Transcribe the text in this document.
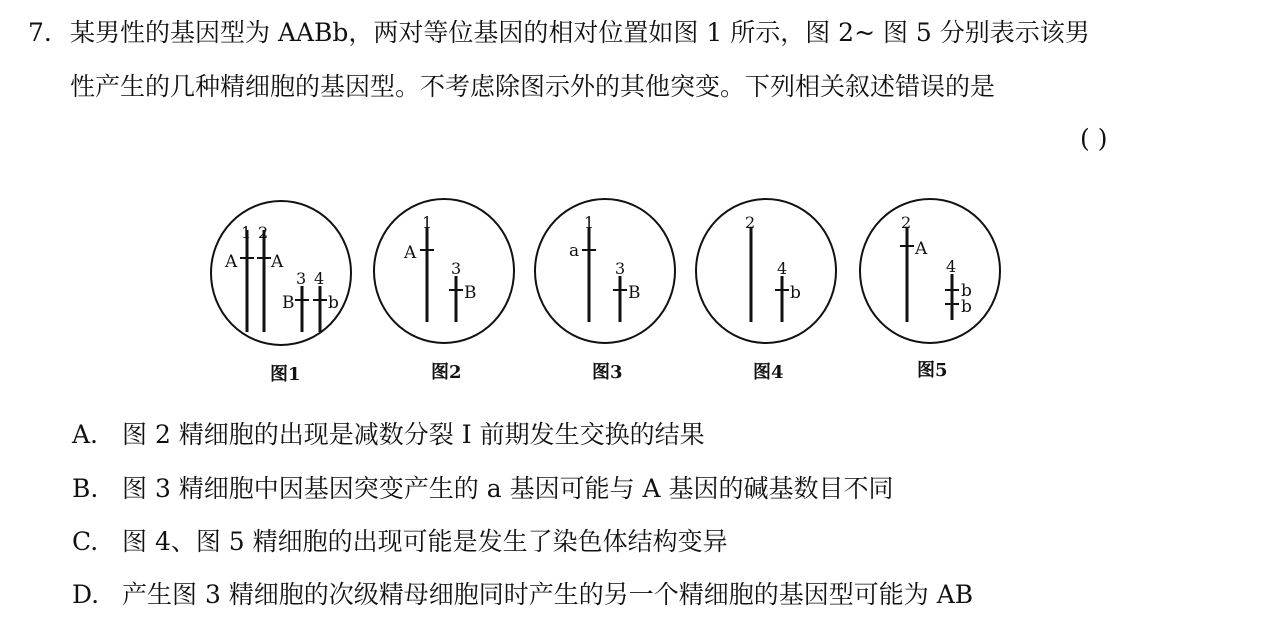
7. 某男性的基因型为 AABb，两对等位基因的相对位置如图 1 所示，图 2~ 图 5 分别表示该男
性产生的几种精细胞的基因型。不考虑除图示外的其他突变。下列相关叙述错误的是
( )
1 2
3 4
A A
B b
图1
1
3
A
B
图2
1
3
a
B
图3
2
4
b
图4
2
4
A
b
b
图5
A. 图 2 精细胞的出现是减数分裂 Ⅰ 前期发生交换的结果
B. 图 3 精细胞中因基因突变产生的 a 基因可能与 A 基因的碱基数目不同
C. 图 4、图 5 精细胞的出现可能是发生了染色体结构变异
D. 产生图 3 精细胞的次级精母细胞同时产生的另一个精细胞的基因型可能为 AB
